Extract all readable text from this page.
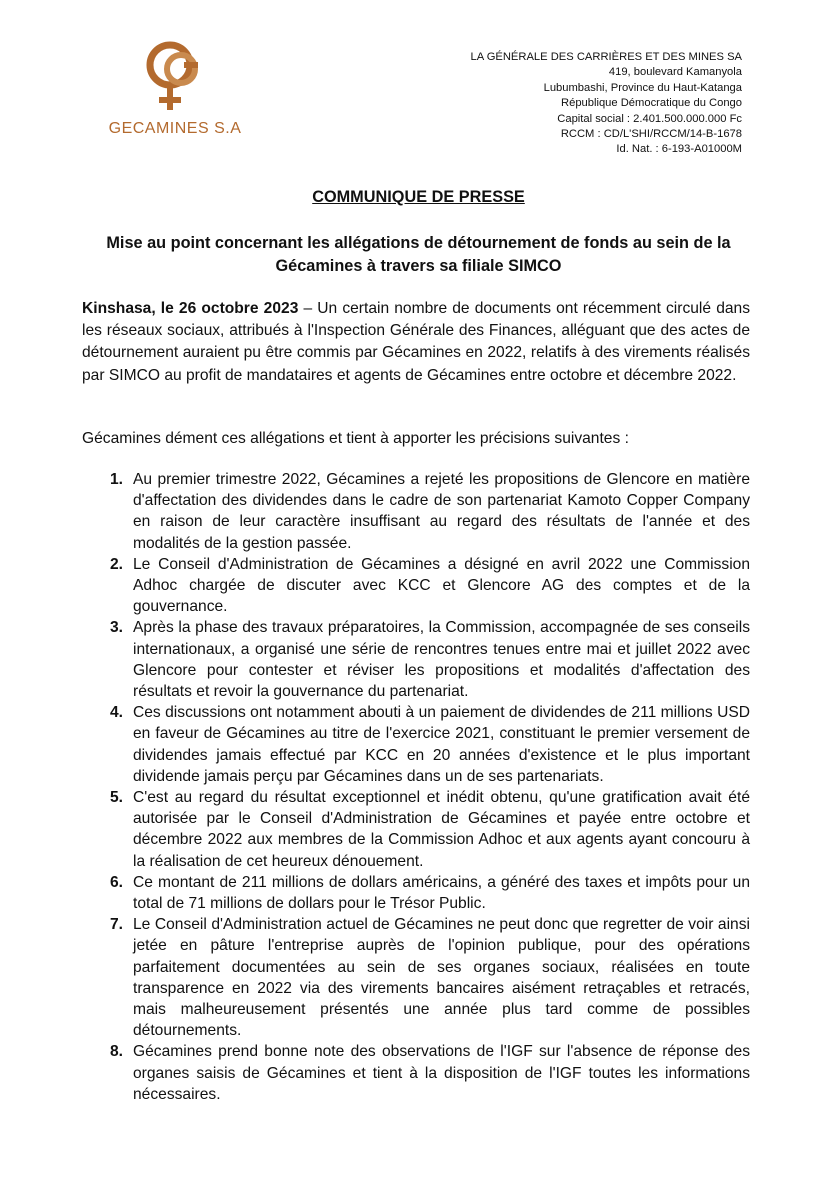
GECAMINES S.A
LA GÉNÉRALE DES CARRIÈRES ET DES MINES SA
419, boulevard Kamanyola
Lubumbashi, Province du Haut-Katanga
République Démocratique du Congo
Capital social : 2.401.500.000.000 Fc
RCCM : CD/L'SHI/RCCM/14-B-1678
Id. Nat. : 6-193-A01000M
COMMUNIQUE DE PRESSE
Mise au point concernant les allégations de détournement de fonds au sein de la Gécamines à travers sa filiale SIMCO
Kinshasa, le 26 octobre 2023 – Un certain nombre de documents ont récemment circulé dans les réseaux sociaux, attribués à l'Inspection Générale des Finances, alléguant que des actes de détournement auraient pu être commis par Gécamines en 2022, relatifs à des virements réalisés par SIMCO au profit de mandataires et agents de Gécamines entre octobre et décembre 2022.
Gécamines dément ces allégations et tient à apporter les précisions suivantes :
1. Au premier trimestre 2022, Gécamines a rejeté les propositions de Glencore en matière d'affectation des dividendes dans le cadre de son partenariat Kamoto Copper Company en raison de leur caractère insuffisant au regard des résultats de l'année et des modalités de la gestion passée.
2. Le Conseil d'Administration de Gécamines a désigné en avril 2022 une Commission Adhoc chargée de discuter avec KCC et Glencore AG des comptes et de la gouvernance.
3. Après la phase des travaux préparatoires, la Commission, accompagnée de ses conseils internationaux, a organisé une série de rencontres tenues entre mai et juillet 2022 avec Glencore pour contester et réviser les propositions et modalités d'affectation des résultats et revoir la gouvernance du partenariat.
4. Ces discussions ont notamment abouti à un paiement de dividendes de 211 millions USD en faveur de Gécamines au titre de l'exercice 2021, constituant le premier versement de dividendes jamais effectué par KCC en 20 années d'existence et le plus important dividende jamais perçu par Gécamines dans un de ses partenariats.
5. C'est au regard du résultat exceptionnel et inédit obtenu, qu'une gratification avait été autorisée par le Conseil d'Administration de Gécamines et payée entre octobre et décembre 2022 aux membres de la Commission Adhoc et aux agents ayant concouru à la réalisation de cet heureux dénouement.
6. Ce montant de 211 millions de dollars américains, a généré des taxes et impôts pour un total de 71 millions de dollars pour le Trésor Public.
7. Le Conseil d'Administration actuel de Gécamines ne peut donc que regretter de voir ainsi jetée en pâture l'entreprise auprès de l'opinion publique, pour des opérations parfaitement documentées au sein de ses organes sociaux, réalisées en toute transparence en 2022 via des virements bancaires aisément retraçables et retracés, mais malheureusement présentés une année plus tard comme de possibles détournements.
8. Gécamines prend bonne note des observations de l'IGF sur l'absence de réponse des organes saisis de Gécamines et tient à la disposition de l'IGF toutes les informations nécessaires.
